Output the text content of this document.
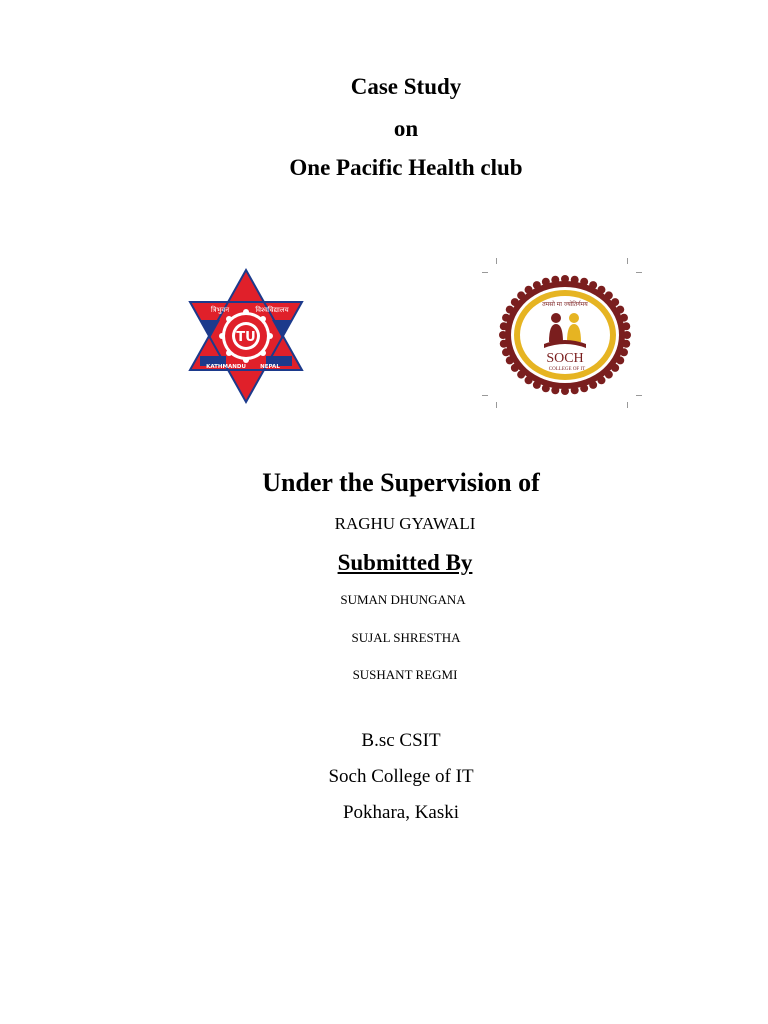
Case Study
on
One Pacific Health club
TU
त्रिभुवन	विश्वविद्यालय
KATHMANDU	NEPAL
तमसो मा ज्योतिर्गमय
SOCH
COLLEGE OF IT
Under the Supervision of
RAGHU GYAWALI
Submitted By
SUMAN DHUNGANA
SUJAL SHRESTHA
SUSHANT REGMI
B.sc CSIT
Soch College of IT
Pokhara, Kaski
